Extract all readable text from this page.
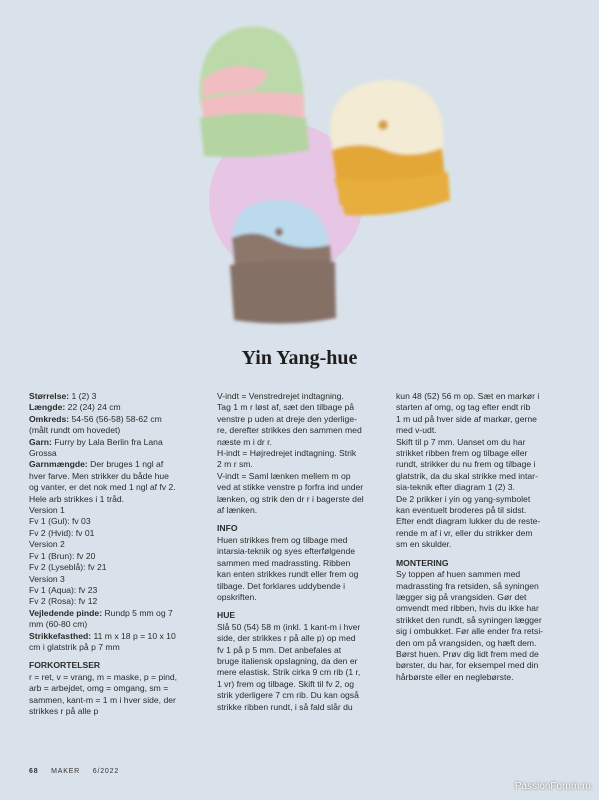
Yin Yang-hue
Størrelse: 1 (2) 3
Længde: 22 (24) 24 cm
Omkreds: 54-56 (56-58) 58-62 cm
(målt rundt om hovedet)
Garn: Furry by Lala Berlin fra Lana
Grossa
Garnmængde: Der bruges 1 ngl af
hver farve. Men strikker du både hue
og vanter, er det nok med 1 ngl af fv 2.
Hele arb strikkes i 1 tråd.
Version 1
Fv 1 (Gul): fv 03
Fv 2 (Hvid): fv 01
Version 2
Fv 1 (Brun): fv 20
Fv 2 (Lyseblå): fv 21
Version 3
Fv 1 (Aqua): fv 23
Fv 2 (Rosa): fv 12
Vejledende pinde: Rundp 5 mm og 7
mm (60-80 cm)
Strikkefasthed: 11 m x 18 p = 10 x 10
cm i glatstrik på p 7 mm
FORKORTELSER
r = ret, v = vrang, m = maske, p = pind,
arb = arbejdet, omg = omgang, sm =
sammen, kant-m = 1 m i hver side, der
strikkes r på alle p
V-indt = Venstredrejet indtagning.
Tag 1 m r løst af, sæt den tilbage på
venstre p uden at dreje den yderlige-
re, derefter strikkes den sammen med
næste m i dr r.
H-indt = Højredrejet indtagning. Strik
2 m r sm.
V-indt = Saml lænken mellem m op
ved at stikke venstre p forfra ind under
lænken, og strik den dr r i bagerste del
af lænken.
INFO
Huen strikkes frem og tilbage med
intarsia-teknik og syes efterfølgende
sammen med madrassting. Ribben
kan enten strikkes rundt eller frem og
tilbage. Det forklares uddybende i
opskriften.
HUE
Slå 50 (54) 58 m (inkl. 1 kant-m i hver
side, der strikkes r på alle p) op med
fv 1 på p 5 mm. Det anbefales at
bruge italiensk opslagning, da den er
mere elastisk. Strik cirka 9 cm rib (1 r,
1 vr) frem og tilbage. Skift til fv 2, og
strik yderligere 7 cm rib. Du kan også
strikke ribben rundt, i så fald slår du
kun 48 (52) 56 m op. Sæt en markør i
starten af omg, og tag efter endt rib
1 m ud på hver side af markør, gerne
med v-udt.
Skift til p 7 mm. Uanset om du har
strikket ribben frem og tilbage eller
rundt, strikker du nu frem og tilbage i
glatstrik, da du skal strikke med intar-
sia-teknik efter diagram 1 (2) 3.
De 2 prikker i yin og yang-symbolet
kan eventuelt broderes på til sidst.
Efter endt diagram lukker du de reste-
rende m af i vr, eller du strikker dem
sm en skulder.
MONTERING
Sy toppen af huen sammen med
madrassting fra retsiden, så syningen
lægger sig på vrangsiden. Gør det
omvendt med ribben, hvis du ikke har
strikket den rundt, så syningen lægger
sig i ombukket. Før alle ender fra retsi-
den om på vrangsiden, og hæft dem.
Børst huen. Prøv dig lidt frem med de
børster, du har, for eksempel med din
hårbørste eller en neglebørste.
68 MAKER 6/2022
PassionForum.ru
